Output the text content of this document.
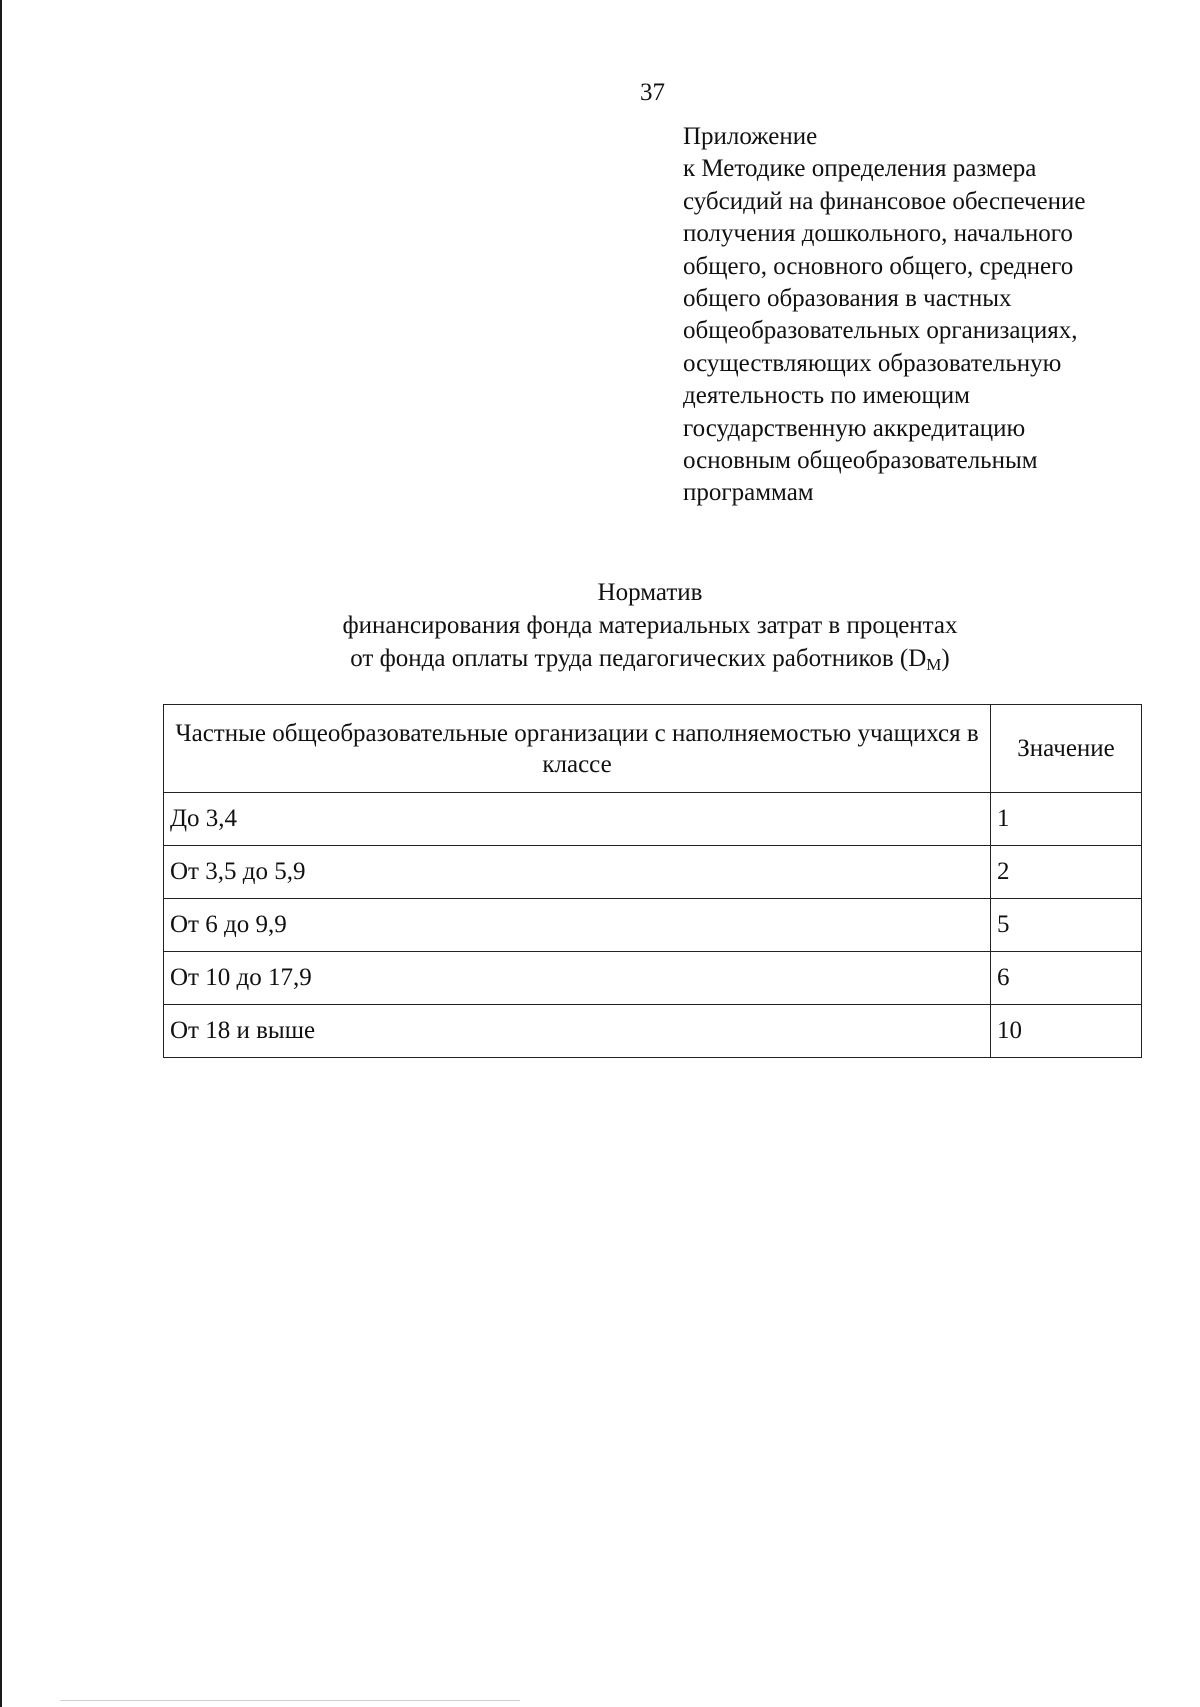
37
Приложение
к Методике определения размера
субсидий на финансовое обеспечение
получения дошкольного, начального
общего, основного общего, среднего
общего образования в частных
общеобразовательных организациях,
осуществляющих образовательную
деятельность по имеющим
государственную аккредитацию
основным общеобразовательным
программам
Норматив
финансирования фонда материальных затрат в процентах
от фонда оплаты труда педагогических работников $(D_M)$
Частные общеобразовательные организации с наполняемостью учащихся в классе	Значение
До 3,4	1
От 3,5 до 5,9	2
От 6 до 9,9	5
От 10 до 17,9	6
От 18 и выше	10
